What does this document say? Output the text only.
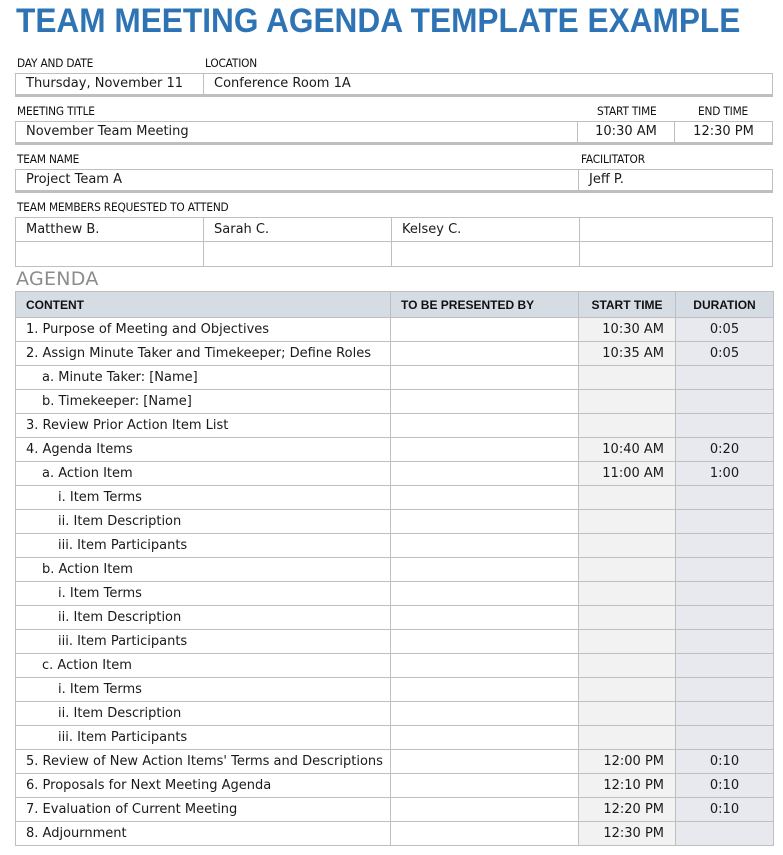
TEAM MEETING AGENDA TEMPLATE EXAMPLE
DAY AND DATE	LOCATION
Thursday, November 11	Conference Room 1A
MEETING TITLE	START TIME	END TIME
November Team Meeting	10:30 AM	12:30 PM
TEAM NAME	FACILITATOR
Project Team A	Jeff P.
TEAM MEMBERS REQUESTED TO ATTEND
Matthew B.	Sarah C.	Kelsey C.
AGENDA
CONTENT	TO BE PRESENTED BY	START TIME	DURATION
1. Purpose of Meeting and Objectives		10:30 AM	0:05
2. Assign Minute Taker and Timekeeper; Define Roles		10:35 AM	0:05
a. Minute Taker: [Name]			
b. Timekeeper: [Name]			
3. Review Prior Action Item List			
4. Agenda Items		10:40 AM	0:20
a. Action Item		11:00 AM	1:00
i. Item Terms			
ii. Item Description			
iii. Item Participants			
b. Action Item			
i. Item Terms			
ii. Item Description			
iii. Item Participants			
c. Action Item			
i. Item Terms			
ii. Item Description			
iii. Item Participants			
5. Review of New Action Items' Terms and Descriptions		12:00 PM	0:10
6. Proposals for Next Meeting Agenda		12:10 PM	0:10
7. Evaluation of Current Meeting		12:20 PM	0:10
8. Adjournment		12:30 PM	
